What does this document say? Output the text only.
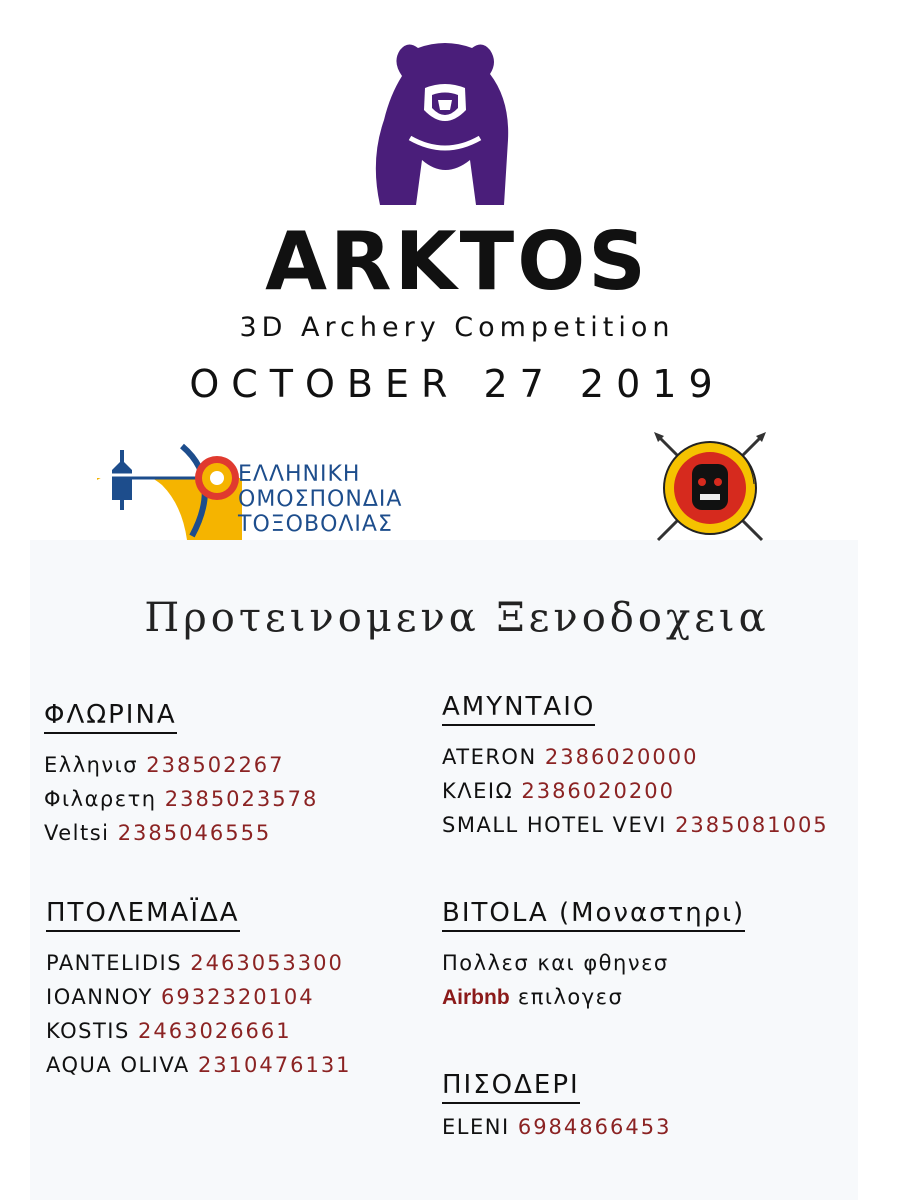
ARKTOS
3D Archery Competition
OCTOBER 27 2019
ΕΛΛΗΝΙΚΗ
ΟΜΟΣΠΟΝΔΙΑ
ΤΟΞΟΒΟΛΙΑΣ
Προτεινομενα Ξενοδοχεια
ΦΛΩΡΙΝΑ
Ελληνισ 238502267
Φιλαρετη 2385023578
Veltsi 2385046555
ΑΜΥΝΤΑΙΟ
ATERON 2386020000
ΚΛΕΙΩ 2386020200
SMALL HOTEL VEVI 2385081005
ΠΤΟΛΕΜΑΪΔΑ
PANTELIDIS 2463053300
IOANNOY 6932320104
KOSTIS 2463026661
AQUA OLIVA 2310476131
BITOLA (Μοναστηρι)
Πολλεσ και φθηνεσ
Airbnb επιλογεσ
ΠΙΣΟΔΕΡΙ
ELENI 6984866453
